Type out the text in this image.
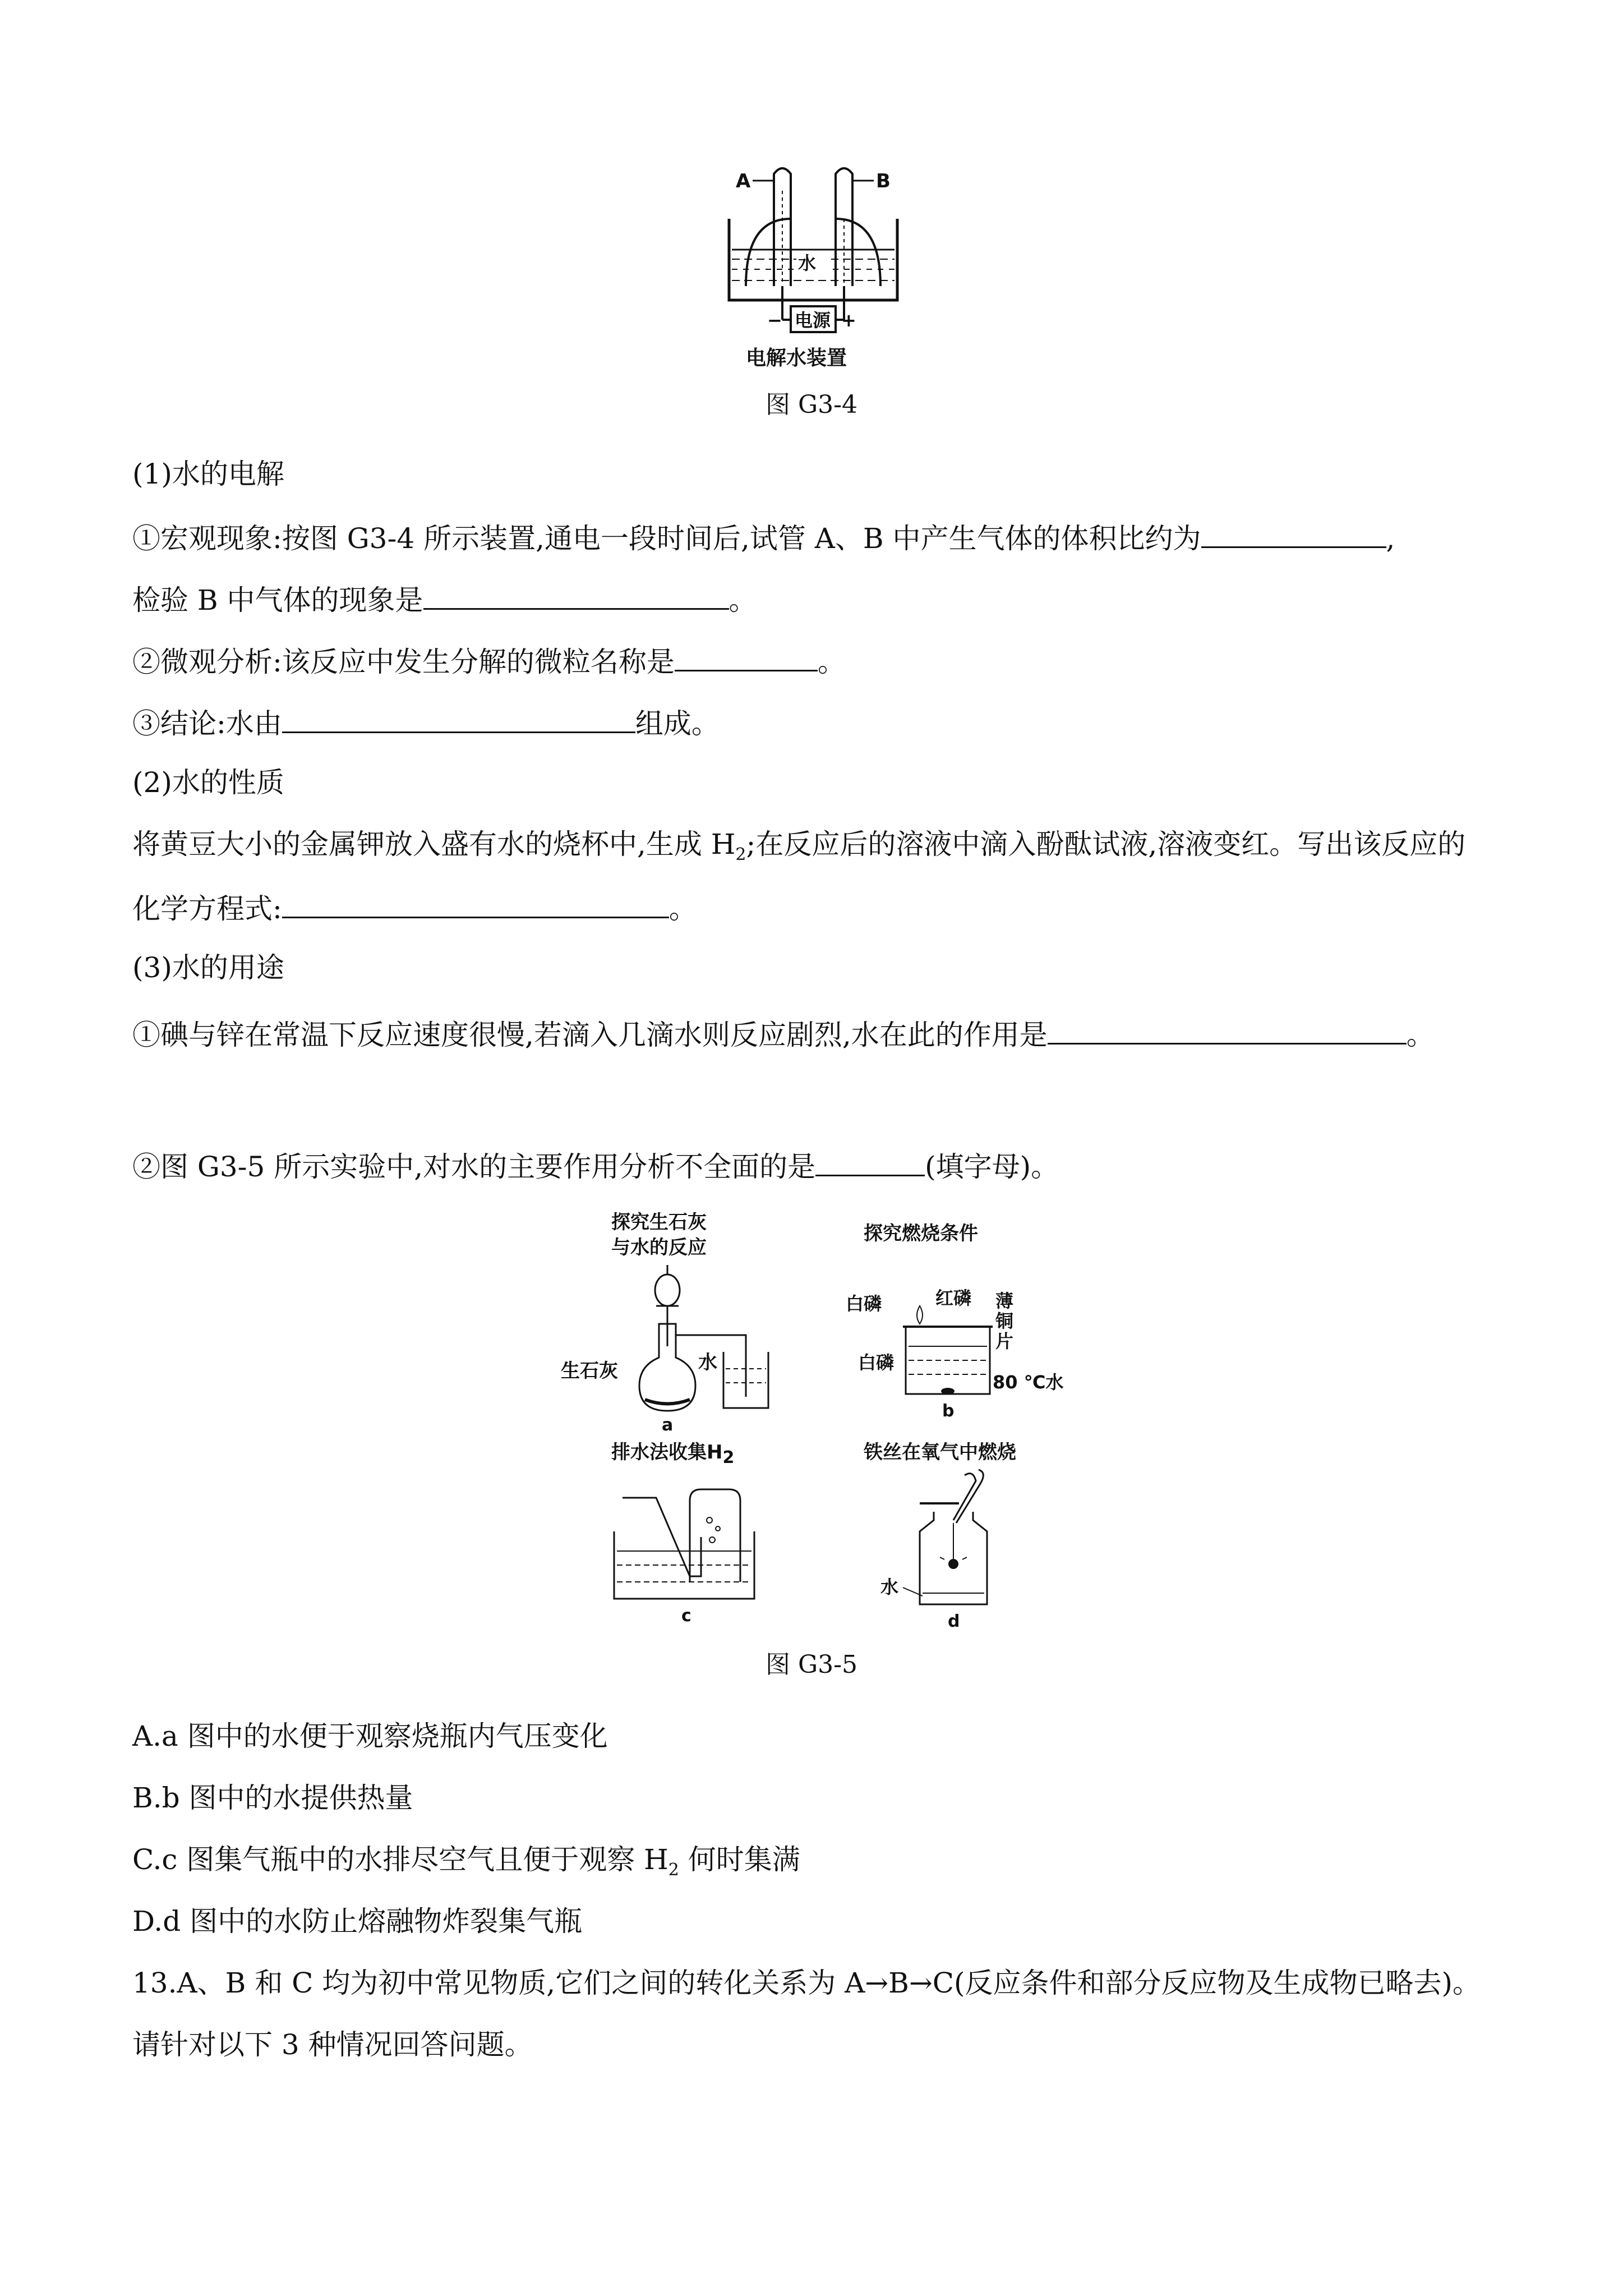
A	B
水
电源
−	+
电解水装置
图 G3-4
(1)水的电解
①宏观现象:按图 G3-4 所示装置,通电一段时间后,试管 A、B 中产生气体的体积比约为	,
检验 B 中气体的现象是	。
②微观分析:该反应中发生分解的微粒名称是	。
③结论:水由	组成。
(2)水的性质
将黄豆大小的金属钾放入盛有水的烧杯中,生成 $H_2$;在反应后的溶液中滴入酚酞试液,溶液变红。写出该反应的
化学方程式:	。
(3)水的用途
①碘与锌在常温下反应速度很慢,若滴入几滴水则反应剧烈,水在此的作用是	。
②图 G3-5 所示实验中,对水的主要作用分析不全面的是	(填字母)。
探究生石灰
与水的反应
生石灰	水
a
探究燃烧条件
白磷	红磷 薄
铜
片
白磷
80 ℃水
b
排水法收集H2
c
铁丝在氧气中燃烧
水
d
图 G3-5
A.a 图中的水便于观察烧瓶内气压变化
B.b 图中的水提供热量
C.c 图集气瓶中的水排尽空气且便于观察 $H_2$ 何时集满
D.d 图中的水防止熔融物炸裂集气瓶
13.A、B 和 C 均为初中常见物质,它们之间的转化关系为 A→B→C(反应条件和部分反应物及生成物已略去)。
请针对以下 3 种情况回答问题。
